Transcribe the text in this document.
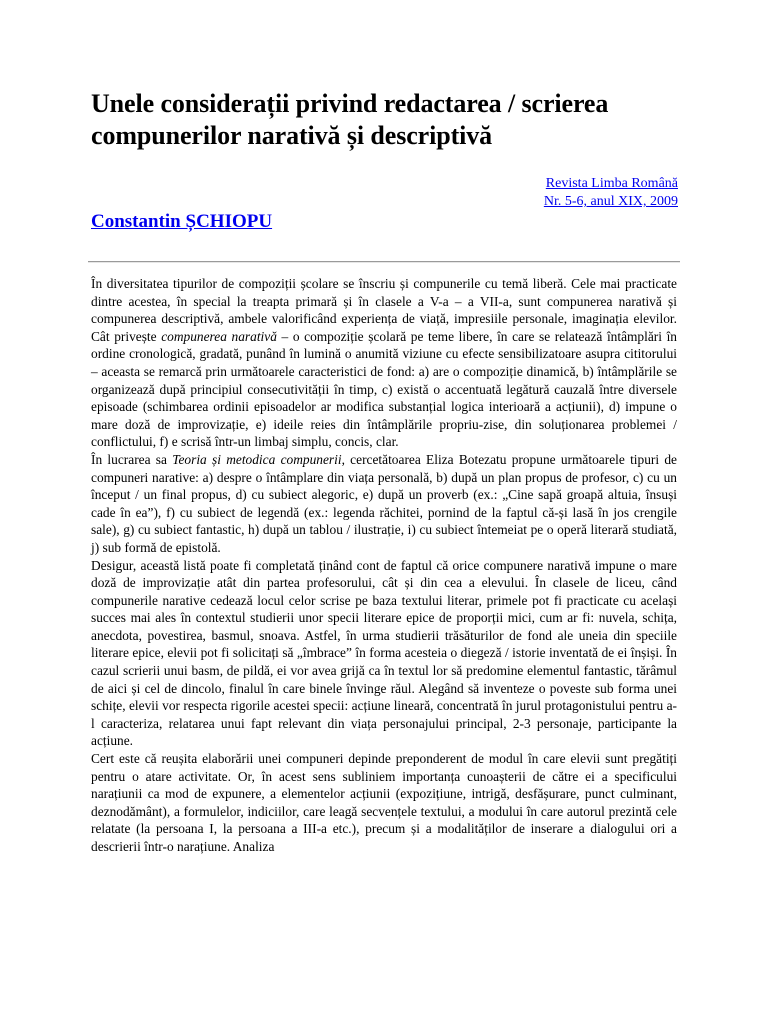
Unele considerații privind redactarea / scrierea compunerilor narativă și descriptivă
Revista Limba Română
Nr. 5-6, anul XIX, 2009
Constantin ȘCHIOPU

În diversitatea tipurilor de compoziții școlare se înscriu și compunerile cu temă liberă. Cele mai practicate dintre acestea, în special la treapta primară și în clasele a V-a – a VII-a, sunt compunerea narativă și compunerea descriptivă, ambele valorificând experiența de viață, impresiile personale, imaginația elevilor. Cât privește compunerea narativă – o compoziție școlară pe teme libere, în care se relatează întâmplări în ordine cronologică, gradată, punând în lumină o anumită viziune cu efecte sensibilizatoare asupra cititorului – aceasta se remarcă prin următoarele caracteristici de fond: a) are o compoziție dinamică, b) întâmplările se organizează după principiul consecutivității în timp, c) există o accentuată legătură cauzală între diversele episoade (schimbarea ordinii episoadelor ar modifica substanțial logica interioară a acțiunii), d) impune o mare doză de improvizație, e) ideile reies din întâmplările propriu-zise, din soluționarea problemei / conflictului, f) e scrisă într-un limbaj simplu, concis, clar.

În lucrarea sa Teoria și metodica compunerii, cercetătoarea Eliza Botezatu propune următoarele tipuri de compuneri narative: a) despre o întâmplare din viața personală, b) după un plan propus de profesor, c) cu un început / un final propus, d) cu subiect alegoric, e) după un proverb (ex.: „Cine sapă groapă altuia, însuși cade în ea”), f) cu subiect de legendă (ex.: legenda răchitei, pornind de la faptul că-și lasă în jos crengile sale), g) cu subiect fantastic, h) după un tablou / ilustrație, i) cu subiect întemeiat pe o operă literară studiată, j) sub formă de epistolă.

Desigur, această listă poate fi completată ținând cont de faptul că orice compunere narativă impune o mare doză de improvizație atât din partea profesorului, cât și din cea a elevului. În clasele de liceu, când compunerile narative cedează locul celor scrise pe baza textului literar, primele pot fi practicate cu același succes mai ales în contextul studierii unor specii literare epice de proporții mici, cum ar fi: nuvela, schița, anecdota, povestirea, basmul, snoava. Astfel, în urma studierii trăsăturilor de fond ale uneia din speciile literare epice, elevii pot fi solicitați să „îmbrace” în forma acesteia o diegeză / istorie inventată de ei înșiși. În cazul scrierii unui basm, de pildă, ei vor avea grijă ca în textul lor să predomine elementul fantastic, tărâmul de aici și cel de dincolo, finalul în care binele învinge răul. Alegând să inventeze o poveste sub forma unei schițe, elevii vor respecta rigorile acestei specii: acțiune lineară, concentrată în jurul protagonistului pentru a-l caracteriza, relatarea unui fapt relevant din viața personajului principal, 2-3 personaje, participante la acțiune.

Cert este că reușita elaborării unei compuneri depinde preponderent de modul în care elevii sunt pregătiți pentru o atare activitate. Or, în acest sens subliniem importanța cunoașterii de către ei a specificului narațiunii ca mod de expunere, a elementelor acțiunii (expozițiune, intrigă, desfășurare, punct culminant, deznodământ), a formulelor, indiciilor, care leagă secvențele textului, a modului în care autorul prezintă cele relatate (la persoana I, la persoana a III-a etc.), precum și a modalităților de inserare a dialogului ori a descrierii într-o narațiune. Analiza
